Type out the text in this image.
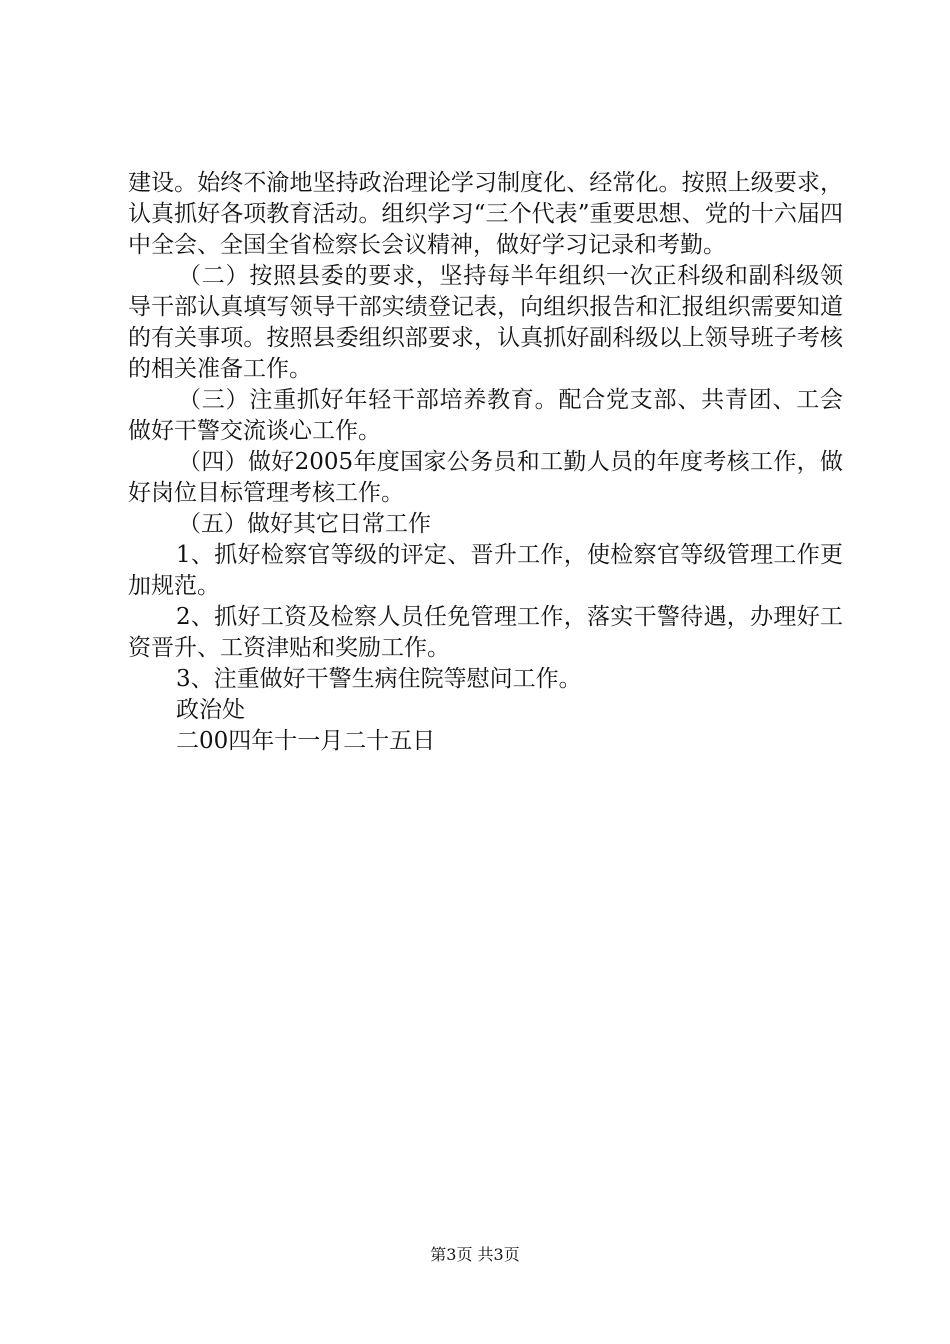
建设。始终不渝地坚持政治理论学习制度化、经常化。按照上级要求，认真抓好各项教育活动。组织学习“三个代表”重要思想、党的十六届四中全会、全国全省检察长会议精神，做好学习记录和考勤。

（二）按照县委的要求，坚持每半年组织一次正科级和副科级领导干部认真填写领导干部实绩登记表，向组织报告和汇报组织需要知道的有关事项。按照县委组织部要求，认真抓好副科级以上领导班子考核的相关准备工作。

（三）注重抓好年轻干部培养教育。配合党支部、共青团、工会做好干警交流谈心工作。

（四）做好2005年度国家公务员和工勤人员的年度考核工作，做好岗位目标管理考核工作。

（五）做好其它日常工作

1、抓好检察官等级的评定、晋升工作，使检察官等级管理工作更加规范。

2、抓好工资及检察人员任免管理工作，落实干警待遇，办理好工资晋升、工资津贴和奖励工作。

3、注重做好干警生病住院等慰问工作。

政治处

二00四年十一月二十五日

第3页 共3页
